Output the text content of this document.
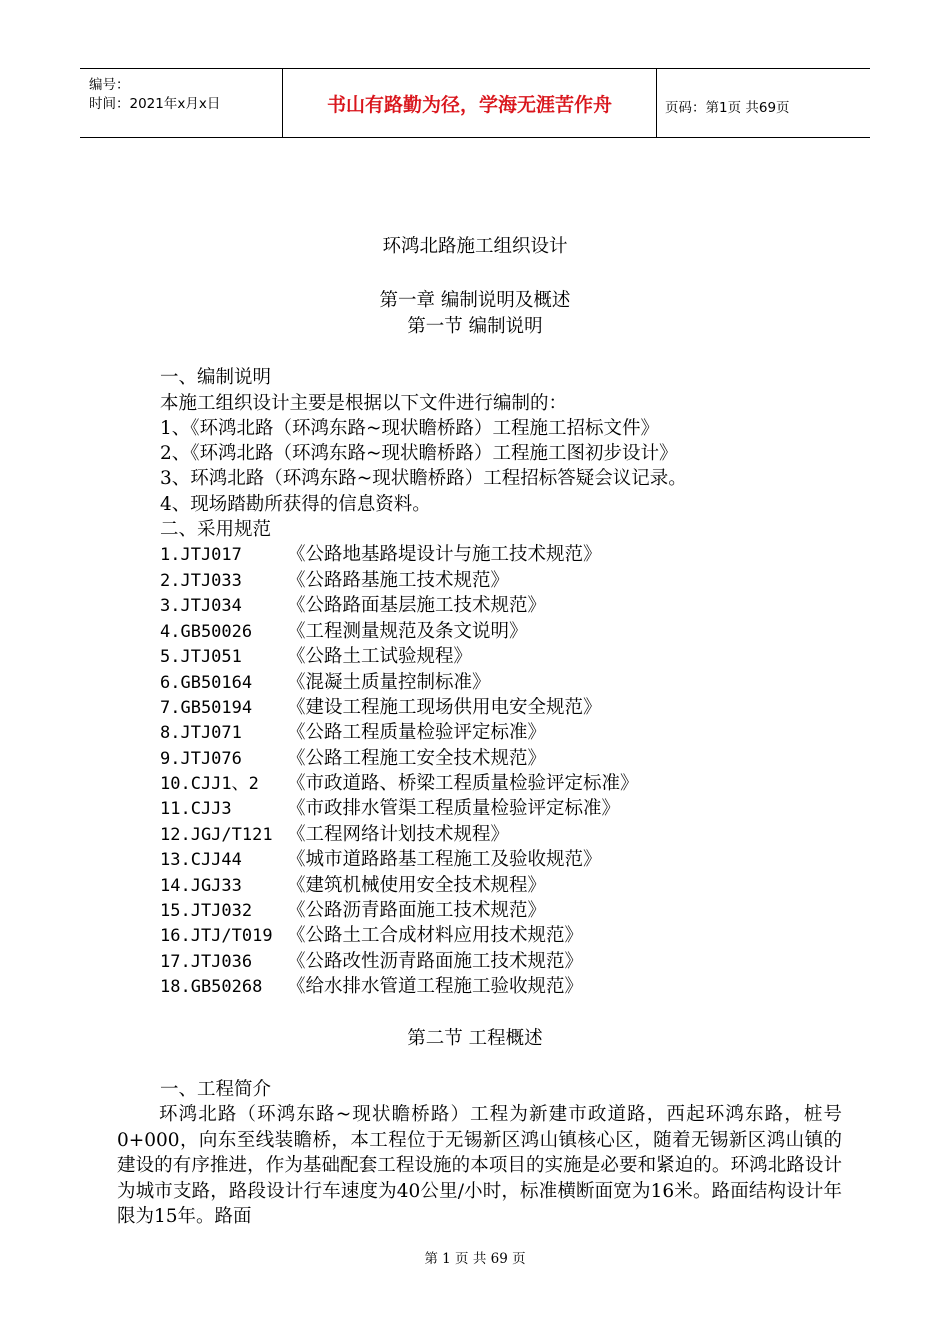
编号：
时间：2021年x月x日	书山有路勤为径，学海无涯苦作舟	页码：第1页 共69页
环鸿北路施工组织设计
第一章 编制说明及概述
第一节 编制说明
一、编制说明
本施工组织设计主要是根据以下文件进行编制的：
1、《环鸿北路（环鸿东路~现状瞻桥路）工程施工招标文件》
2、《环鸿北路（环鸿东路~现状瞻桥路）工程施工图初步设计》
3、环鸿北路（环鸿东路~现状瞻桥路）工程招标答疑会议记录。
4、现场踏勘所获得的信息资料。
二、采用规范
1.JTJ017 《公路地基路堤设计与施工技术规范》
2.JTJ033 《公路路基施工技术规范》
3.JTJ034 《公路路面基层施工技术规范》
4.GB50026 《工程测量规范及条文说明》
5.JTJ051 《公路土工试验规程》
6.GB50164 《混凝土质量控制标准》
7.GB50194 《建设工程施工现场供用电安全规范》
8.JTJ071 《公路工程质量检验评定标准》
9.JTJ076 《公路工程施工安全技术规范》
10.CJJ1、2 《市政道路、桥梁工程质量检验评定标准》
11.CJJ3	《市政排水管渠工程质量检验评定标准》
12.JGJ/T121 《工程网络计划技术规程》
13.CJJ44 《城市道路路基工程施工及验收规范》
14.JGJ33 《建筑机械使用安全技术规程》
15.JTJ032 《公路沥青路面施工技术规范》
16.JTJ/T019 《公路土工合成材料应用技术规范》
17.JTJ036 《公路改性沥青路面施工技术规范》
18.GB50268 《给水排水管道工程施工验收规范》
第二节 工程概述
一、工程简介
环鸿北路（环鸿东路~现状瞻桥路）工程为新建市政道路，西起环鸿东路，桩号0+000，向东至线装瞻桥，本工程位于无锡新区鸿山镇核心区，随着无锡新区鸿山镇的建设的有序推进，作为基础配套工程设施的本项目的实施是必要和紧迫的。环鸿北路设计为城市支路，路段设计行车速度为40公里/小时，标准横断面宽为16米。路面结构设计年限为15年。路面
第 1 页 共 69 页
